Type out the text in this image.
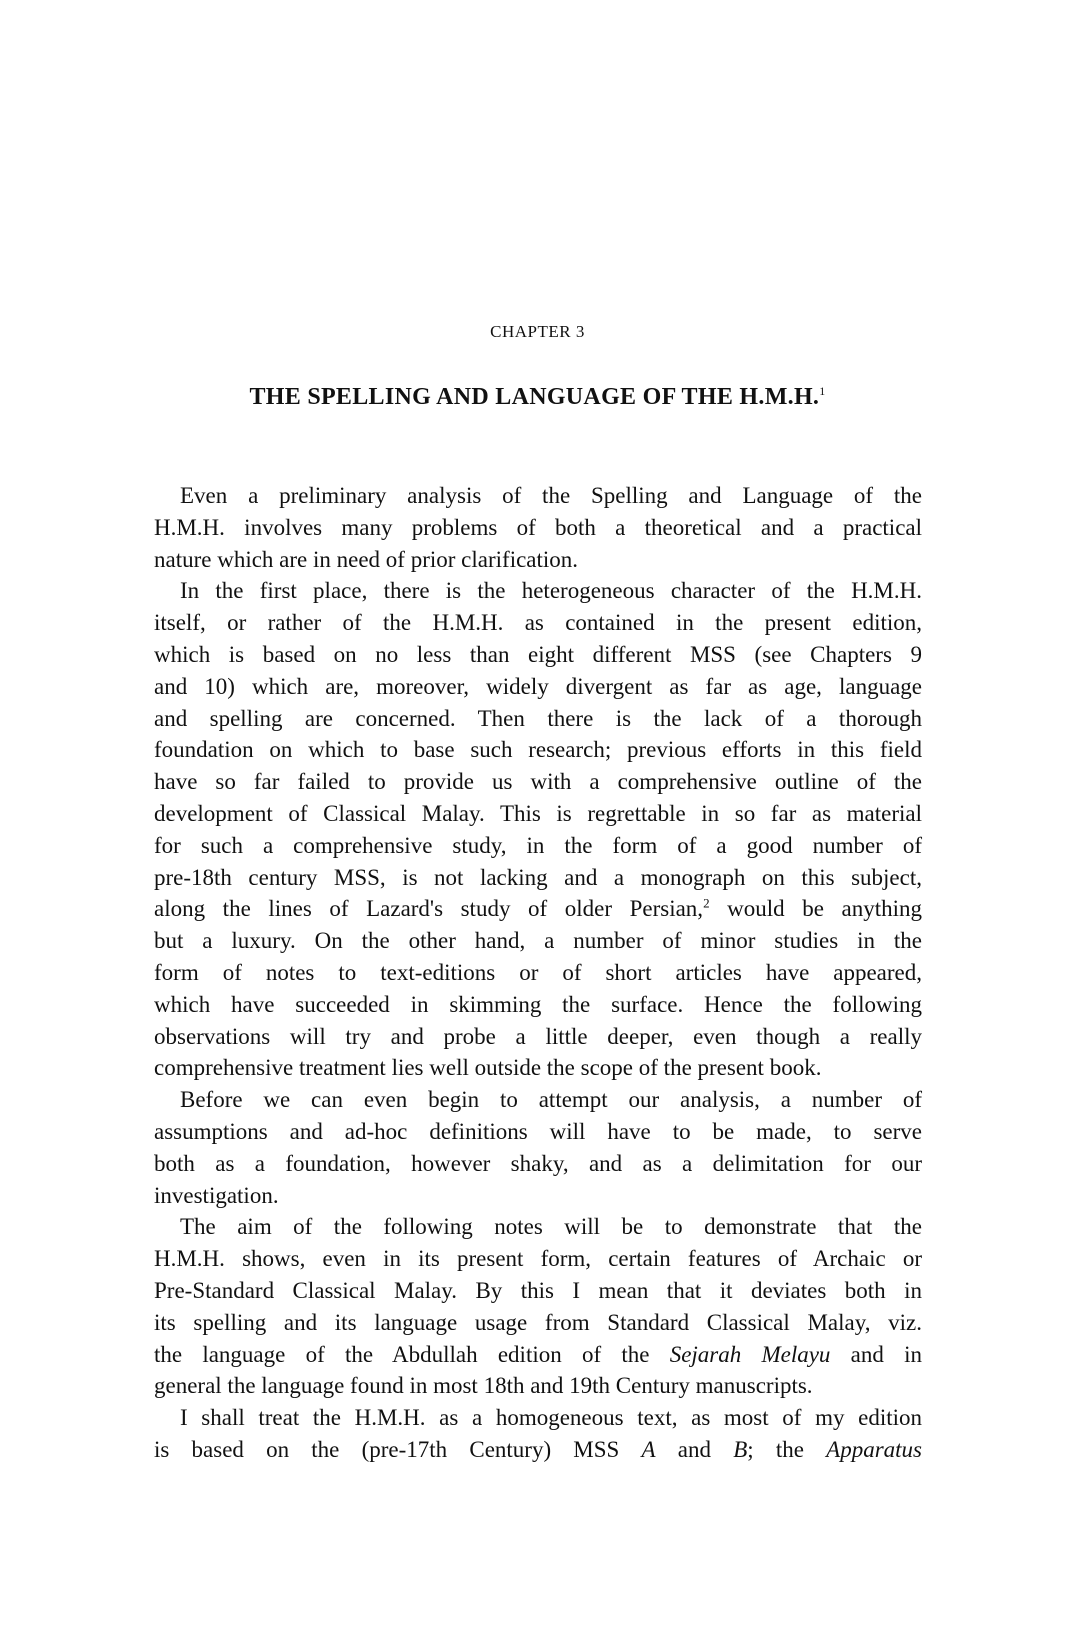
CHAPTER 3
THE SPELLING AND LANGUAGE OF THE H.M.H.$^1$
Even a preliminary analysis of the Spelling and Language of the
H.M.H. involves many problems of both a theoretical and a practical
nature which are in need of prior clarification.
In the first place, there is the heterogeneous character of the H.M.H.
itself, or rather of the H.M.H. as contained in the present edition,
which is based on no less than eight different MSS (see Chapters 9
and 10) which are, moreover, widely divergent as far as age, language
and spelling are concerned. Then there is the lack of a thorough
foundation on which to base such research; previous efforts in this field
have so far failed to provide us with a comprehensive outline of the
development of Classical Malay. This is regrettable in so far as material
for such a comprehensive study, in the form of a good number of
pre-18th century MSS, is not lacking and a monograph on this subject,
along the lines of Lazard's study of older Persian,$^2$ would be anything
but a luxury. On the other hand, a number of minor studies in the
form of notes to text-editions or of short articles have appeared,
which have succeeded in skimming the surface. Hence the following
observations will try and probe a little deeper, even though a really
comprehensive treatment lies well outside the scope of the present book.
Before we can even begin to attempt our analysis, a number of
assumptions and ad-hoc definitions will have to be made, to serve
both as a foundation, however shaky, and as a delimitation for our
investigation.
The aim of the following notes will be to demonstrate that the
H.M.H. shows, even in its present form, certain features of Archaic or
Pre-Standard Classical Malay. By this I mean that it deviates both in
its spelling and its language usage from Standard Classical Malay, viz.
the language of the Abdullah edition of the Sejarah Melayu and in
general the language found in most 18th and 19th Century manuscripts.
I shall treat the H.M.H. as a homogeneous text, as most of my edition
is based on the (pre-17th Century) MSS A and B; the Apparatus
